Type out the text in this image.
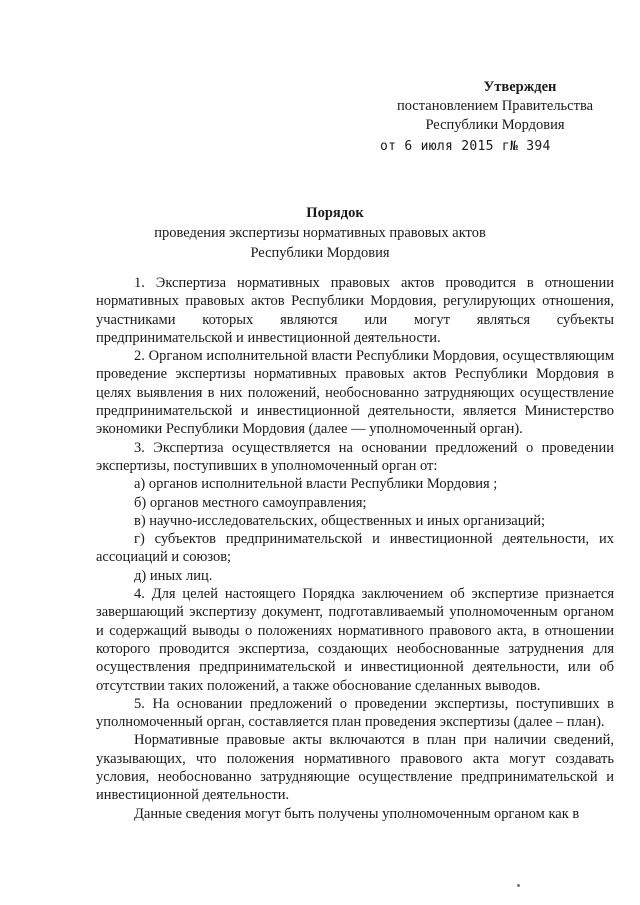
Утвержден
постановлением Правительства
Республики Мордовия
от 6 июля 2015 г№ 394
Порядок
проведения экспертизы нормативных правовых актов
Республики Мордовия

1. Экспертиза нормативных правовых актов проводится в отношении нормативных правовых актов Республики Мордовия, регулирующих отношения, участниками которых являются или могут являться субъекты предпринимательской и инвестиционной деятельности.

2. Органом исполнительной власти Республики Мордовия, осуществляющим проведение экспертизы нормативных правовых актов Республики Мордовия в целях выявления в них положений, необоснованно затрудняющих осуществление предпринимательской и инвестиционной деятельности, является Министерство экономики Республики Мордовия (далее — уполномоченный орган).

3. Экспертиза осуществляется на основании предложений о проведении экспертизы, поступивших в уполномоченный орган от:

а) органов исполнительной власти Республики Мордовия ;

б) органов местного самоуправления;

в) научно-исследовательских, общественных и иных организаций;

г) субъектов предпринимательской и инвестиционной деятельности, их ассоциаций и союзов;

д) иных лиц.

4. Для целей настоящего Порядка заключением об экспертизе признается завершающий экспертизу документ, подготавливаемый уполномоченным органом и содержащий выводы о положениях нормативного правового акта, в отношении которого проводится экспертиза, создающих необоснованные затруднения для осуществления предпринимательской и инвестиционной деятельности, или об отсутствии таких положений, а также обоснование сделанных выводов.

5. На основании предложений о проведении экспертизы, поступивших в уполномоченный орган, составляется план проведения экспертизы (далее – план).

Нормативные правовые акты включаются в план при наличии сведений, указывающих, что положения нормативного правового акта могут создавать условия, необоснованно затрудняющие осуществление предпринимательской и инвестиционной деятельности.

Данные сведения могут быть получены уполномоченным органом как в
